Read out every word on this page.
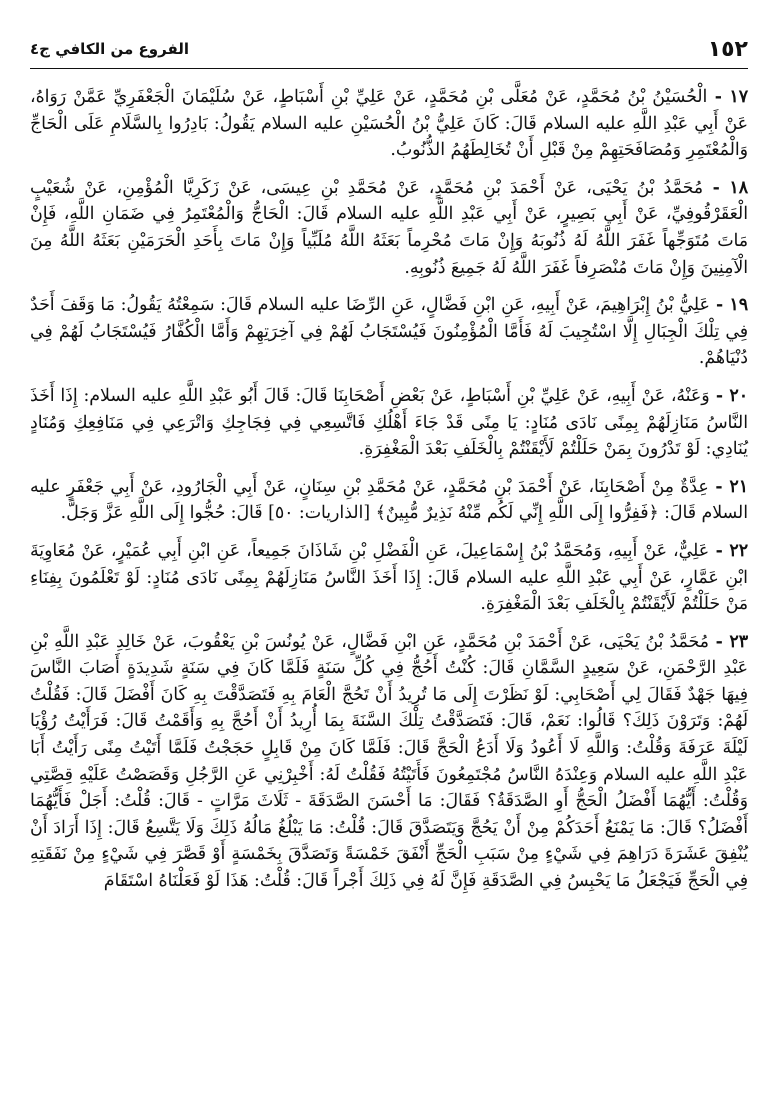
١٥٢
الفروع من الكافي ج٤

١٧ - الْحُسَيْنُ بْنُ مُحَمَّدٍ، عَنْ مُعَلَّى بْنِ مُحَمَّدٍ، عَنْ عَلِيِّ بْنِ أَسْبَاطٍ، عَنْ سُلَيْمَانَ الْجَعْفَرِيِّ عَمَّنْ رَوَاهُ، عَنْ أَبِي عَبْدِ اللَّهِ عليه السلام قَالَ: كَانَ عَلِيُّ بْنُ الْحُسَيْنِ عليه السلام يَقُولُ: بَادِرُوا بِالسَّلَامِ عَلَى الْحَاجِّ وَالْمُعْتَمِرِ وَمُصَافَحَتِهِمْ مِنْ قَبْلِ أَنْ تُخَالِطَهُمُ الذُّنُوبُ.

١٨ - مُحَمَّدُ بْنُ يَحْيَى، عَنْ أَحْمَدَ بْنِ مُحَمَّدٍ، عَنْ مُحَمَّدِ بْنِ عِيسَى، عَنْ زَكَرِيَّا الْمُؤْمِنِ، عَنْ شُعَيْبٍ الْعَقَرْقُوفِيِّ، عَنْ أَبِي بَصِيرٍ، عَنْ أَبِي عَبْدِ اللَّهِ عليه السلام قَالَ: الْحَاجُّ وَالْمُعْتَمِرُ فِي ضَمَانِ اللَّهِ، فَإِنْ مَاتَ مُتَوَجِّهاً غَفَرَ اللَّهُ لَهُ ذُنُوبَهُ وَإِنْ مَاتَ مُحْرِماً بَعَثَهُ اللَّهُ مُلَبِّياً وَإِنْ مَاتَ بِأَحَدِ الْحَرَمَيْنِ بَعَثَهُ اللَّهُ مِنَ الْآمِنِينَ وَإِنْ مَاتَ مُنْصَرِفاً غَفَرَ اللَّهُ لَهُ جَمِيعَ ذُنُوبِهِ.

١٩ - عَلِيُّ بْنُ إِبْرَاهِيمَ، عَنْ أَبِيهِ، عَنِ ابْنِ فَضَّالٍ، عَنِ الرِّضَا عليه السلام قَالَ: سَمِعْتُهُ يَقُولُ: مَا وَقَفَ أَحَدٌ فِي تِلْكَ الْجِبَالِ إِلَّا اسْتُجِيبَ لَهُ فَأَمَّا الْمُؤْمِنُونَ فَيُسْتَجَابُ لَهُمْ فِي آخِرَتِهِمْ وَأَمَّا الْكُفَّارُ فَيُسْتَجَابُ لَهُمْ فِي دُنْيَاهُمْ.

٢٠ - وَعَنْهُ، عَنْ أَبِيهِ، عَنْ عَلِيِّ بْنِ أَسْبَاطٍ، عَنْ بَعْضِ أَصْحَابِنَا قَالَ: قَالَ أَبُو عَبْدِ اللَّهِ عليه السلام: إِذَا أَخَذَ النَّاسُ مَنَازِلَهُمْ بِمِنًى نَادَى مُنَادٍ: يَا مِنًى قَدْ جَاءَ أَهْلُكِ فَاتَّسِعِي فِي فِجَاجِكِ وَاتْرَعِي فِي مَنَافِعِكِ وَمُنَادٍ يُنَادِي: لَوْ تَدْرُونَ بِمَنْ حَلَلْتُمْ لَأَيْقَنْتُمْ بِالْخَلَفِ بَعْدَ الْمَغْفِرَةِ.

٢١ - عِدَّةٌ مِنْ أَصْحَابِنَا، عَنْ أَحْمَدَ بْنِ مُحَمَّدٍ، عَنْ مُحَمَّدِ بْنِ سِنَانٍ، عَنْ أَبِي الْجَارُودِ، عَنْ أَبِي جَعْفَرٍ عليه السلام قَالَ: ﴿فَفِرُّوا إِلَى اللَّهِ إِنِّي لَكُم مِّنْهُ نَذِيرٌ مُّبِينٌ﴾ [الذاريات: ٥٠] قَالَ: حُجُّوا إِلَى اللَّهِ عَزَّ وَجَلَّ.

٢٢ - عَلِيٌّ، عَنْ أَبِيهِ، وَمُحَمَّدُ بْنُ إِسْمَاعِيلَ، عَنِ الْفَضْلِ بْنِ شَاذَانَ جَمِيعاً، عَنِ ابْنِ أَبِي عُمَيْرٍ، عَنْ مُعَاوِيَةَ ابْنِ عَمَّارٍ، عَنْ أَبِي عَبْدِ اللَّهِ عليه السلام قَالَ: إِذَا أَخَذَ النَّاسُ مَنَازِلَهُمْ بِمِنًى نَادَى مُنَادٍ: لَوْ تَعْلَمُونَ بِفِنَاءِ مَنْ حَلَلْتُمْ لَأَيْقَنْتُمْ بِالْخَلَفِ بَعْدَ الْمَغْفِرَةِ.

٢٣ - مُحَمَّدُ بْنُ يَحْيَى، عَنْ أَحْمَدَ بْنِ مُحَمَّدٍ، عَنِ ابْنِ فَضَّالٍ، عَنْ يُونُسَ بْنِ يَعْقُوبَ، عَنْ خَالِدِ عَبْدِ اللَّهِ بْنِ عَبْدِ الرَّحْمَنِ، عَنْ سَعِيدٍ السَّمَّانِ قَالَ: كُنْتُ أَحُجُّ فِي كُلِّ سَنَةٍ فَلَمَّا كَانَ فِي سَنَةٍ شَدِيدَةٍ أَصَابَ النَّاسَ فِيهَا جَهْدٌ فَقَالَ لِي أَصْحَابِي: لَوْ نَظَرْتَ إِلَى مَا تُرِيدُ أَنْ تَحُجَّ الْعَامَ بِهِ فَتَصَدَّقْتَ بِهِ كَانَ أَفْضَلَ قَالَ: فَقُلْتُ لَهُمْ: وَتَرَوْنَ ذَلِكَ؟ قَالُوا: نَعَمْ، قَالَ: فَتَصَدَّقْتُ تِلْكَ السَّنَةَ بِمَا أُرِيدُ أَنْ أَحُجَّ بِهِ وَأَقَمْتُ قَالَ: فَرَأَيْتُ رُؤْيَا لَيْلَةَ عَرَفَةَ وَقُلْتُ: وَاللَّهِ لَا أَعُودُ وَلَا أَدَعُ الْحَجَّ قَالَ: فَلَمَّا كَانَ مِنْ قَابِلٍ حَجَجْتُ فَلَمَّا أَتَيْتُ مِنًى رَأَيْتُ أَبَا عَبْدِ اللَّهِ عليه السلام وَعِنْدَهُ النَّاسُ مُجْتَمِعُونَ فَأَتَيْتُهُ فَقُلْتُ لَهُ: أَخْبِرْنِي عَنِ الرَّجُلِ وَقَصَصْتُ عَلَيْهِ قِصَّتِي وَقُلْتُ: أَيُّهُمَا أَفْضَلُ الْحَجُّ أَوِ الصَّدَقَةُ؟ فَقَالَ: مَا أَحْسَنَ الصَّدَقَةَ - ثَلَاثَ مَرَّاتٍ - قَالَ: قُلْتُ: أَجَلْ فَأَيُّهُمَا أَفْضَلُ؟ قَالَ: مَا يَمْنَعُ أَحَدَكُمْ مِنْ أَنْ يَحُجَّ وَيَتَصَدَّقَ قَالَ: قُلْتُ: مَا يَبْلُغُ مَالُهُ ذَلِكَ وَلَا يَتَّسِعُ قَالَ: إِذَا أَرَادَ أَنْ يُنْفِقَ عَشَرَةَ دَرَاهِمَ فِي شَيْءٍ مِنْ سَبَبِ الْحَجِّ أَنْفَقَ خَمْسَةً وَتَصَدَّقَ بِخَمْسَةٍ أَوْ قَصَّرَ فِي شَيْءٍ مِنْ نَفَقَتِهِ فِي الْحَجِّ فَيَجْعَلُ مَا يَحْبِسُ فِي الصَّدَقَةِ فَإِنَّ لَهُ فِي ذَلِكَ أَجْراً قَالَ: قُلْتُ: هَذَا لَوْ فَعَلْنَاهُ اسْتَقَامَ
